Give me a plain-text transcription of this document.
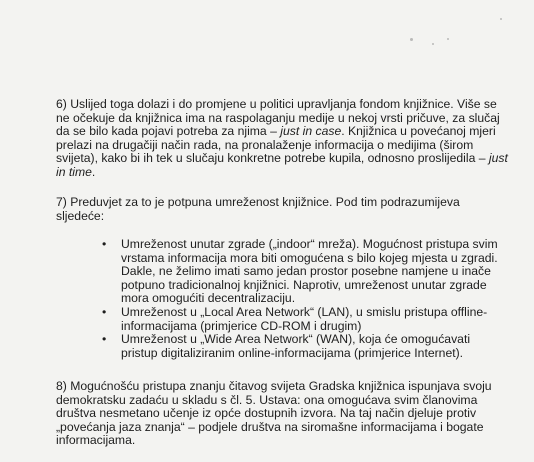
6) Uslijed toga dolazi i do promjene u politici upravljanja fondom knjižnice. Više se
ne očekuje da knjižnica ima na raspolaganju medije u nekoj vrsti pričuve, za slučaj
da se bilo kada pojavi potreba za njima – just in case. Knjižnica u povećanoj mjeri
prelazi na drugačiji način rada, na pronalaženje informacija o medijima (širom
svijeta), kako bi ih tek u slučaju konkretne potrebe kupila, odnosno proslijedila – just
in time.

7) Preduvjet za to je potpuna umreženost knjižnice. Pod tim podrazumijeva
sljedeće:

• Umreženost unutar zgrade („indoor“ mreža). Mogućnost pristupa svim
vrstama informacija mora biti omogućena s bilo kojeg mjesta u zgradi.
Dakle, ne želimo imati samo jedan prostor posebne namjene u inače
potpuno tradicionalnoj knjižnici. Naprotiv, umreženost unutar zgrade
mora omogućiti decentralizaciju.
• Umreženost u „Local Area Network“ (LAN), u smislu pristupa offline-
informacijama (primjerice CD-ROM i drugim)
• Umreženost u „Wide Area Network“ (WAN), koja će omogućavati
pristup digitaliziranim online-informacijama (primjerice Internet).

8) Mogućnošću pristupa znanju čitavog svijeta Gradska knjižnica ispunjava svoju
demokratsku zadaću u skladu s čl. 5. Ustava: ona omogućava svim članovima
društva nesmetano učenje iz opće dostupnih izvora. Na taj način djeluje protiv
„povećanja jaza znanja“ – podjele društva na siromašne informacijama i bogate
informacijama.
